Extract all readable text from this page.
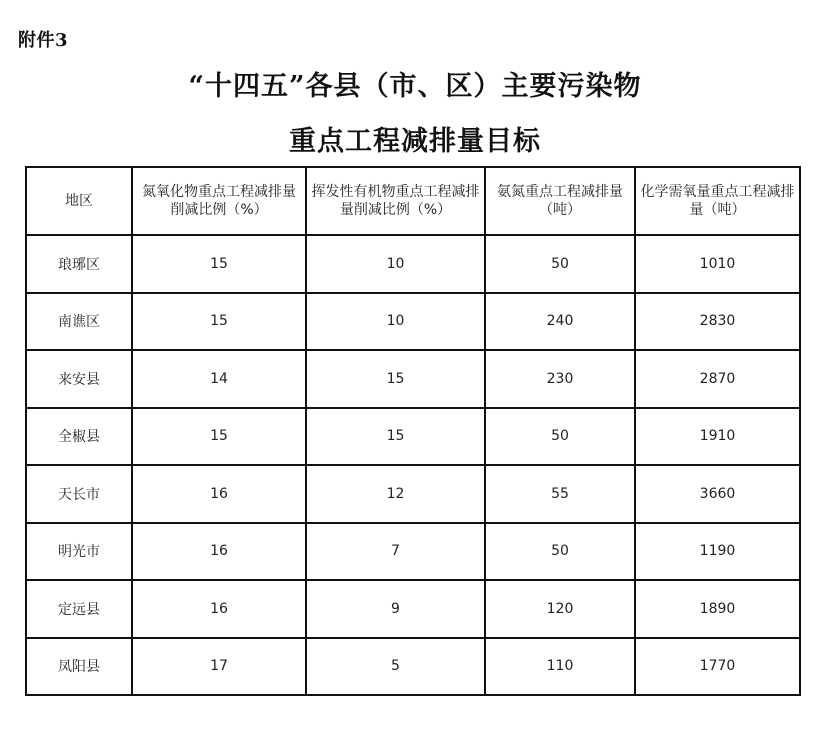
附件3
“十四五”各县（市、区）主要污染物
重点工程减排量目标
地区	氮氧化物重点工程减排量削减比例（%）	挥发性有机物重点工程减排量削减比例（%）	氨氮重点工程减排量（吨）	化学需氧量重点工程减排量（吨）
琅琊区	15	10	50	1010
南谯区	15	10	240	2830
来安县	14	15	230	2870
全椒县	15	15	50	1910
天长市	16	12	55	3660
明光市	16	7	50	1190
定远县	16	9	120	1890
凤阳县	17	5	110	1770
